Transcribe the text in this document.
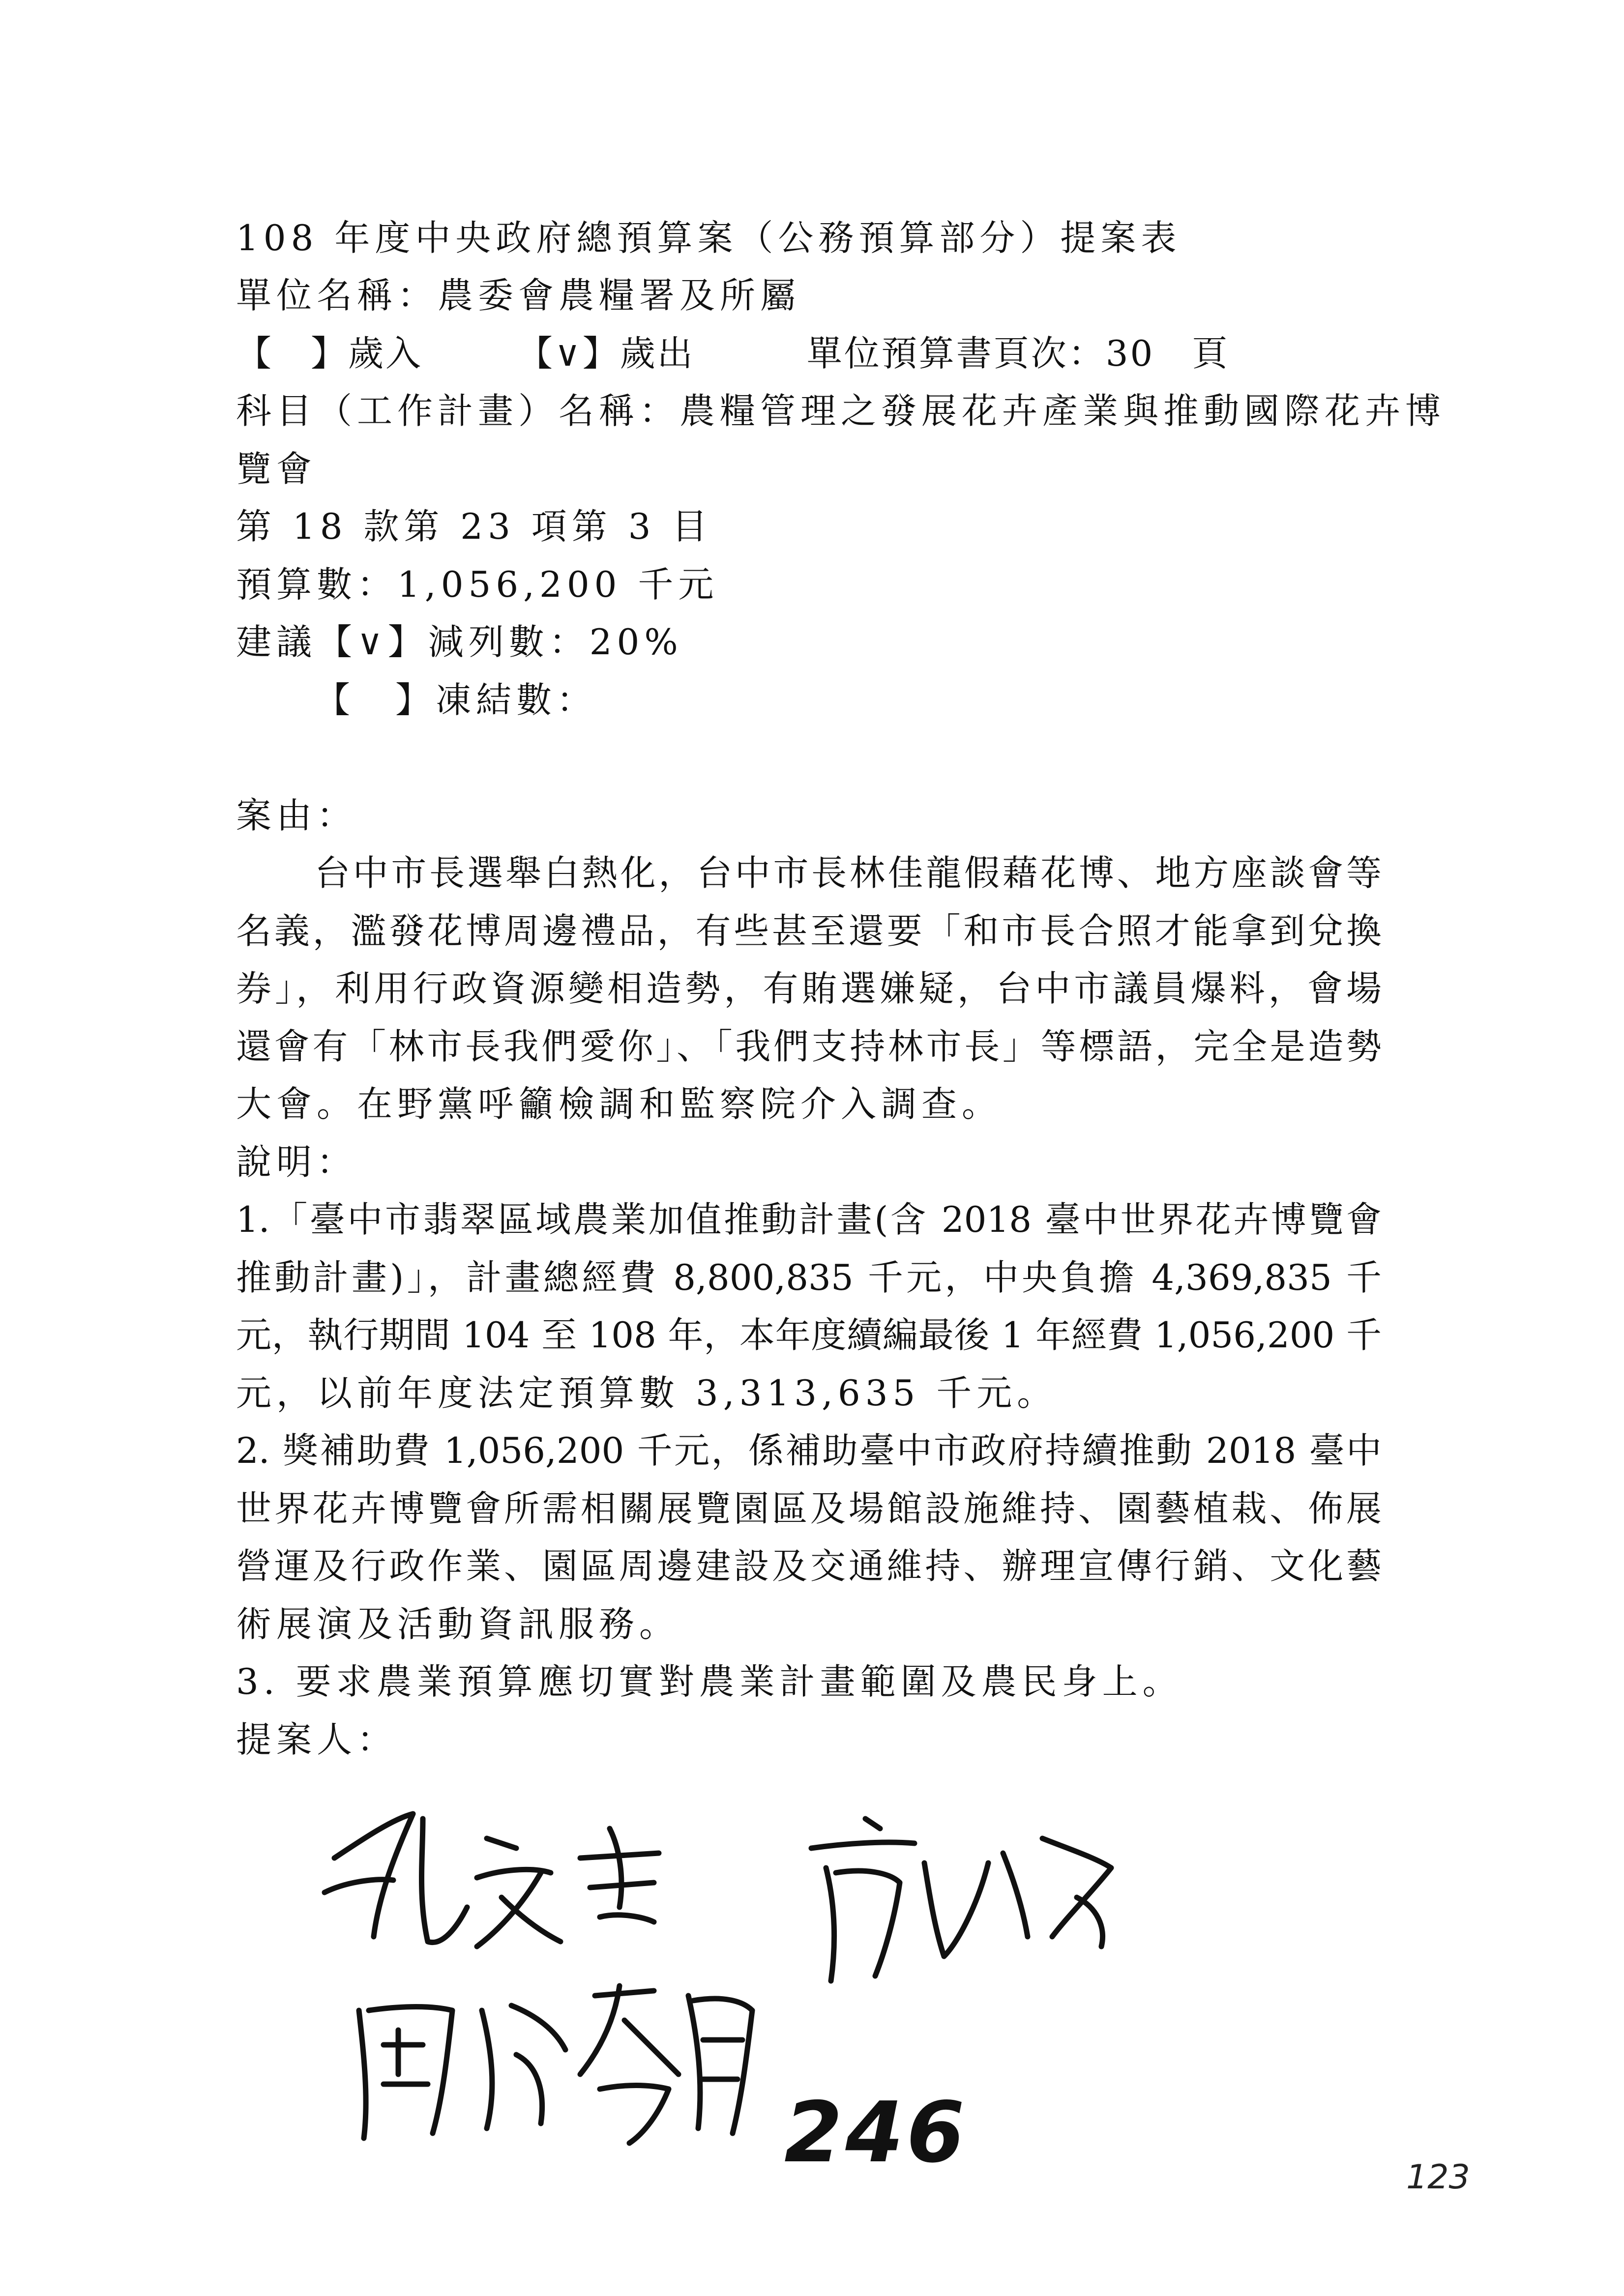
108 年度中央政府總預算案（公務預算部分）提案表
單位名稱：農委會農糧署及所屬
【　】歲入　　　【∨】歲出　　　單位預算書頁次：30　頁
科目（工作計畫）名稱：農糧管理之發展花卉產業與推動國際花卉博
覽會
第 18 款第 23 項第 3 目
預算數：1,056,200 千元
建議【∨】減列數：20%
【　】凍結數：
案由：
台中市長選舉白熱化，台中市長林佳龍假藉花博、地方座談會等
名義，濫發花博周邊禮品，有些甚至還要「和市長合照才能拿到兌換
券」，利用行政資源變相造勢，有賄選嫌疑，台中市議員爆料，會場
還會有「林市長我們愛你」、「我們支持林市長」等標語，完全是造勢
大會。在野黨呼籲檢調和監察院介入調查。
說明：
1.「臺中市翡翠區域農業加值推動計畫(含 2018 臺中世界花卉博覽會
推動計畫)」，計畫總經費 8,800,835 千元，中央負擔 4,369,835 千
元，執行期間 104 至 108 年，本年度續編最後 1 年經費 1,056,200 千
元，以前年度法定預算數 3,313,635 千元。
2. 獎補助費 1,056,200 千元，係補助臺中市政府持續推動 2018 臺中
世界花卉博覽會所需相關展覽園區及場館設施維持、園藝植栽、佈展
營運及行政作業、園區周邊建設及交通維持、辦理宣傳行銷、文化藝
術展演及活動資訊服務。
3. 要求農業預算應切實對農業計畫範圍及農民身上。
提案人：
246	123
